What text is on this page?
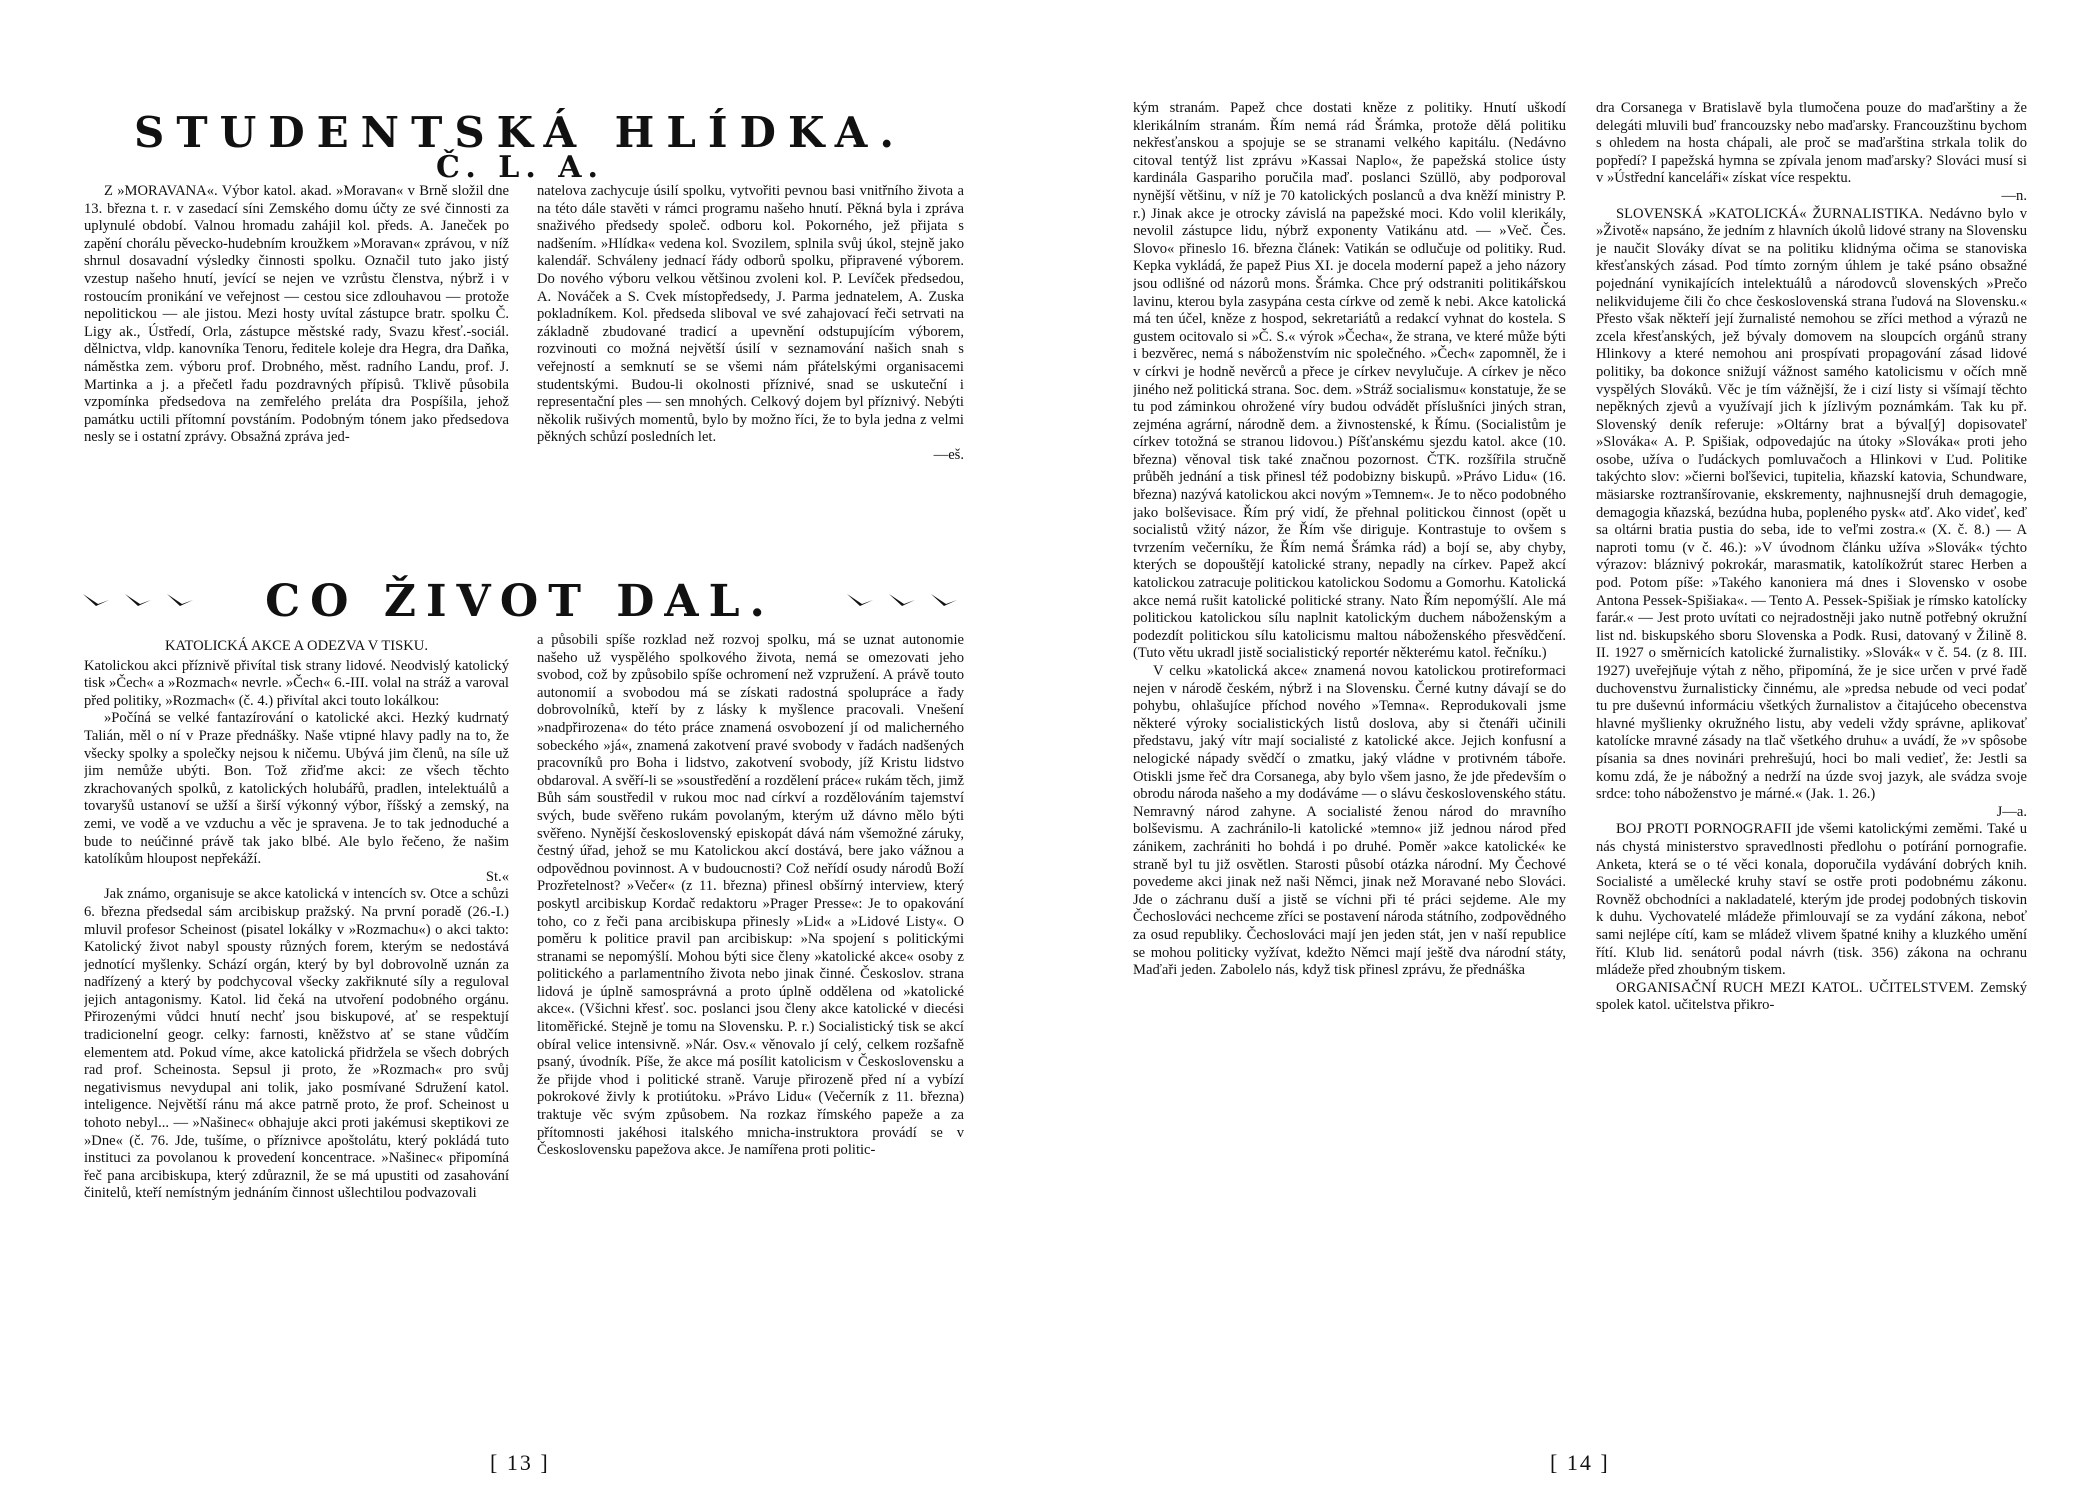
STUDENTSKÁ HLÍDKA.
Č. L. A.

Z »MORAVANA«. Výbor katol. akad. »Moravan« v Brně složil dne 13. března t. r. v zasedací síni Zemského domu účty ze své činnosti za uplynulé období. Valnou hromadu zahájil kol. předs. A. Janeček po zapění chorálu pěvecko-hudebním kroužkem »Moravan« zprávou, v níž shrnul dosavadní výsledky činnosti spolku. Označil tuto jako jistý vzestup našeho hnutí, jevící se nejen ve vzrůstu členstva, nýbrž i v rostoucím pronikání ve veřejnost — cestou sice zdlouhavou — protože nepolitickou — ale jistou. Mezi hosty uvítal zástupce bratr. spolku Č. Ligy ak., Ústředí, Orla, zástupce městské rady, Svazu křesť.-sociál. dělnictva, vldp. kanovníka Tenoru, ředitele koleje dra Hegra, dra Daňka, náměstka zem. výboru prof. Drobného, měst. radního Landu, prof. J. Martinka a j. a přečetl řadu pozdravných přípisů. Tklivě působila vzpomínka předsedova na zemřelého preláta dra Pospíšila, jehož památku uctili přítomní povstáním. Podobným tónem jako předsedova nesly se i ostatní zprávy. Obsažná zpráva jed-

natelova zachycuje úsilí spolku, vytvořiti pevnou basi vnitřního života a na této dále stavěti v rámci programu našeho hnutí. Pěkná byla i zpráva snaživého předsedy společ. odboru kol. Pokorného, jež přijata s nadšením. »Hlídka« vedena kol. Svozilem, splnila svůj úkol, stejně jako kalendář. Schváleny jednací řády odborů spolku, připravené výborem. Do nového výboru velkou většinou zvoleni kol. P. Levíček předsedou, A. Nováček a S. Cvek místopředsedy, J. Parma jednatelem, A. Zuska pokladníkem. Kol. předseda sliboval ve své zahajovací řeči setrvati na základně zbudované tradicí a upevnění odstupujícím výborem, rozvinouti co možná největší úsilí v seznamování našich snah s veřejností a semknutí se se všemi nám přátelskými organisacemi studentskými. Budou-li okolnosti příznivé, snad se uskuteční i representační ples — sen mnohých. Celkový dojem byl příznivý. Nebýti několik rušivých momentů, bylo by možno říci, že to byla jedna z velmi pěkných schůzí posledních let.

—eš.

CO ŽIVOT DAL.

KATOLICKÁ AKCE A ODEZVA V TISKU.

Katolickou akci příznivě přivítal tisk strany lidové. Neodvislý katolický tisk »Čech« a »Rozmach« nevrle. »Čech« 6.-III. volal na stráž a varoval před politiky, »Rozmach« (č. 4.) přivítal akci touto lokálkou:

»Počíná se velké fantazírování o katolické akci. Hezký kudrnatý Talián, měl o ní v Praze přednášky. Naše vtipné hlavy padly na to, že všecky spolky a společky nejsou k ničemu. Ubývá jim členů, na síle už jim nemůže ubýti. Bon. Tož zřiďme akci: ze všech těchto zkrachovaných spolků, z katolických holubářů, pradlen, intelektuálů a tovaryšů ustanoví se užší a širší výkonný výbor, říšský a zemský, na zemi, ve vodě a ve vzduchu a věc je spravena. Je to tak jednoduché a bude to neúčinné právě tak jako blbé. Ale bylo řečeno, že našim katolíkům hloupost nepřekáží.

St.«

Jak známo, organisuje se akce katolická v intencích sv. Otce a schůzi 6. března předsedal sám arcibiskup pražský. Na první poradě (26.-I.) mluvil profesor Scheinost (pisatel lokálky v »Rozmachu«) o akci takto: Katolický život nabyl spousty různých forem, kterým se nedostává jednotící myšlenky. Schází orgán, který by byl dobrovolně uznán za nadřízený a který by podchycoval všecky zakřiknuté síly a reguloval jejich antagonismy. Katol. lid čeká na utvoření podobného orgánu. Přirozenými vůdci hnutí nechť jsou biskupové, ať se respektují tradicionelní geogr. celky: farnosti, kněžstvo ať se stane vůdčím elementem atd. Pokud víme, akce katolická přidržela se všech dobrých rad prof. Scheinosta. Sepsul ji proto, že »Rozmach« pro svůj negativismus nevydupal ani tolik, jako posmívané Sdružení katol. inteligence. Největší ránu má akce patrně proto, že prof. Scheinost u tohoto nebyl... — »Našinec« obhajuje akci proti jakémusi skeptikovi ze »Dne« (č. 76. Jde, tušíme, o příznivce apoštolátu, který pokládá tuto instituci za povolanou k provedení koncentrace. »Našinec« připomíná řeč pana arcibiskupa, který zdůraznil, že se má upustiti od zasahování činitelů, kteří nemístným jednáním činnost ušlechtilou podvazovali

a působili spíše rozklad než rozvoj spolku, má se uznat autonomie našeho už vyspělého spolkového života, nemá se omezovati jeho svobod, což by způsobilo spíše ochromení než vzpružení. A právě touto autonomií a svobodou má se získati radostná spolupráce a řady dobrovolníků, kteří by z lásky k myšlence pracovali. Vnešení »nadpřirozena« do této práce znamená osvobození jí od malicherného sobeckého »já«, znamená zakotvení pravé svobody v řadách nadšených pracovníků pro Boha i lidstvo, zakotvení svobody, jíž Kristu lidstvo obdaroval. A svěří-li se »soustředění a rozdělení práce« rukám těch, jimž Bůh sám soustředil v rukou moc nad církví a rozdělováním tajemství svých, bude svěřeno rukám povolaným, kterým už dávno mělo býti svěřeno. Nynější československý episkopát dává nám všemožné záruky, čestný úřad, jehož se mu Katolickou akcí dostává, bere jako vážnou a odpovědnou povinnost. A v budoucnosti? Což neřídí osudy národů Boží Prozřetelnost? »Večer« (z 11. března) přinesl obšírný interview, který poskytl arcibiskup Kordač redaktoru »Prager Presse«: Je to opakování toho, co z řeči pana arcibiskupa přinesly »Lid« a »Lidové Listy«. O poměru k politice pravil pan arcibiskup: »Na spojení s politickými stranami se nepomýšlí. Mohou býti sice členy »katolické akce« osoby z politického a parlamentního života nebo jinak činné. Českoslov. strana lidová je úplně samosprávná a proto úplně oddělena od »katolické akce«. (Všichni křesť. soc. poslanci jsou členy akce katolické v diecési litoměřické. Stejně je tomu na Slovensku. P. r.) Socialistický tisk se akcí obíral velice intensivně. »Nár. Osv.« věnovalo jí celý, celkem rozšafně psaný, úvodník. Píše, že akce má posílit katolicism v Československu a že přijde vhod i politické straně. Varuje přirozeně před ní a vybízí pokrokové živly k protiútoku. »Právo Lidu« (Večerník z 11. března) traktuje věc svým způsobem. Na rozkaz římského papeže a za přítomnosti jakéhosi italského mnicha-instruktora provádí se v Československu papežova akce. Je namířena proti politic-

[ 13 ]

kým stranám. Papež chce dostati kněze z politiky. Hnutí uškodí klerikálním stranám. Řím nemá rád Šrámka, protože dělá politiku nekřesťanskou a spojuje se se stranami velkého kapitálu. (Nedávno citoval tentýž list zprávu »Kassai Naplo«, že papežská stolice ústy kardinála Gaspariho poručila maď. poslanci Szüllö, aby podporoval nynější většinu, v níž je 70 katolických poslanců a dva kněží ministry P. r.) Jinak akce je otrocky závislá na papežské moci. Kdo volil klerikály, nevolil zástupce lidu, nýbrž exponenty Vatikánu atd. — »Več. Čes. Slovo« přineslo 16. března článek: Vatikán se odlučuje od politiky. Rud. Kepka vykládá, že papež Pius XI. je docela moderní papež a jeho názory jsou odlišné od názorů mons. Šrámka. Chce prý odstraniti politikářskou lavinu, kterou byla zasypána cesta církve od země k nebi. Akce katolická má ten účel, kněze z hospod, sekretariátů a redakcí vyhnat do kostela. S gustem ocitovalo si »Č. S.« výrok »Čecha«, že strana, ve které může býti i bezvěrec, nemá s náboženstvím nic společného. »Čech« zapomněl, že i v církvi je hodně nevěrců a přece je církev nevylučuje. A církev je něco jiného než politická strana. Soc. dem. »Stráž socialismu« konstatuje, že se tu pod záminkou ohrožené víry budou odvádět příslušníci jiných stran, zejména agrární, národně dem. a živnostenské, k Římu. (Socialistům je církev totožná se stranou lidovou.) Píšťanskému sjezdu katol. akce (10. března) věnoval tisk také značnou pozornost. ČTK. rozšířila stručně průběh jednání a tisk přinesl též podobizny biskupů. »Právo Lidu« (16. března) nazývá katolickou akci novým »Temnem«. Je to něco podobného jako bolševisace. Řím prý vidí, že přehnal politickou činnost (opět u socialistů vžitý názor, že Řím vše diriguje. Kontrastuje to ovšem s tvrzením večerníku, že Řím nemá Šrámka rád) a bojí se, aby chyby, kterých se dopouštějí katolické strany, nepadly na církev. Papež akcí katolickou zatracuje politickou katolickou Sodomu a Gomorhu. Katolická akce nemá rušit katolické politické strany. Nato Řím nepomýšlí. Ale má politickou katolickou sílu naplnit katolickým duchem náboženským a podezdít politickou sílu katolicismu maltou náboženského přesvědčení. (Tuto větu ukradl jistě socialistický reportér některému katol. řečníku.)

V celku »katolická akce« znamená novou katolickou protireformaci nejen v národě českém, nýbrž i na Slovensku. Černé kutny dávají se do pohybu, ohlašujíce příchod nového »Temna«. Reprodukovali jsme některé výroky socialistických listů doslova, aby si čtenáři učinili představu, jaký vítr mají socialisté z katolické akce. Jejich konfusní a nelogické nápady svědčí o zmatku, jaký vládne v protivném táboře. Otiskli jsme řeč dra Corsanega, aby bylo všem jasno, že jde především o obrodu národa našeho a my dodáváme — o slávu československého státu. Nemravný národ zahyne. A socialisté ženou národ do mravního bolševismu. A zachránilo-li katolické »temno« již jednou národ před zánikem, zachrániti ho bohdá i po druhé. Poměr »akce katolické« ke straně byl tu již osvětlen. Starosti působí otázka národní. My Čechové povedeme akci jinak než naši Němci, jinak než Moravané nebo Slováci. Jde o záchranu duší a jistě se víchni při té práci sejdeme. Ale my Čechoslováci nechceme zříci se postavení národa státního, zodpovědného za osud republiky. Čechoslováci mají jen jeden stát, jen v naší republice se mohou politicky vyžívat, kdežto Němci mají ještě dva národní státy, Maďaři jeden. Zabolelo nás, když tisk přinesl zprávu, že přednáška

dra Corsanega v Bratislavě byla tlumočena pouze do maďarštiny a že delegáti mluvili buď francouzsky nebo maďarsky. Francouzštinu bychom s ohledem na hosta chápali, ale proč se maďarština strkala tolik do popředí? I papežská hymna se zpívala jenom maďarsky? Slováci musí si v »Ústřední kanceláři« získat více respektu.

—n.

SLOVENSKÁ »KATOLICKÁ« ŽURNALISTIKA. Nedávno bylo v »Životě« napsáno, že jedním z hlavních úkolů lidové strany na Slovensku je naučit Slováky dívat se na politiku klidnýma očima se stanoviska křesťanských zásad. Pod tímto zorným úhlem je také psáno obsažné pojednání vynikajících intelektuálů a národovců slovenských »Prečo nelikvidujeme čili čo chce československá strana ľudová na Slovensku.« Přesto však někteří její žurnalisté nemohou se zříci method a výrazů ne zcela křesťanských, jež bývaly domovem na sloupcích orgánů strany Hlinkovy a které nemohou ani prospívati propagování zásad lidové politiky, ba dokonce snižují vážnost samého katolicismu v očích mně vyspělých Slováků. Věc je tím vážnější, že i cizí listy si všímají těchto nepěkných zjevů a využívají jich k jízlivým poznámkám. Tak ku př. Slovenský deník referuje: »Oltárny brat a býval[ý] dopisovateľ »Slováka« A. P. Spišiak, odpovedajúc na útoky »Slováka« proti jeho osobe, užíva o ľudáckych pomluvačoch a Hlinkovi v Ľud. Politike takýchto slov: »čierni boľševici, tupitelia, kňazskí katovia, Schundware, mäsiarske roztranšírovanie, ekskrementy, najhnusnejší druh demagogie, demagogia kňazská, bezúdna huba, popleného pysk« atď. Ako videť, keď sa oltárni bratia pustia do seba, ide to veľmi zostra.« (X. č. 8.) — A naproti tomu (v č. 46.): »V úvodnom článku užíva »Slovák« týchto výrazov: bláznivý pokrokár, marasmatik, katolíkožrút starec Herben a pod. Potom píše: »Takého kanoniera má dnes i Slovensko v osobe Antona Pessek-Spišiaka«. — Tento A. Pessek-Spišiak je rímsko katolícky farár.« — Jest proto uvítati co nejradostněji jako nutně potřebný okružní list nd. biskupského sboru Slovenska a Podk. Rusi, datovaný v Žilině 8. II. 1927 o směrnicích katolické žurnalistiky. »Slovák« v č. 54. (z 8. III. 1927) uveřejňuje výtah z něho, připomíná, že je sice určen v prvé řadě duchovenstvu žurnalisticky činnému, ale »predsa nebude od veci podať tu pre duševnú informáciu všetkých žurnalistov a čitajúceho obecenstva hlavné myšlienky okružného listu, aby vedeli vždy správne, aplikovať katolícke mravné zásady na tlač všetkého druhu« a uvádí, že »v spôsobe písania sa dnes novinári prehrešujú, hoci bo mali vedieť, že: Jestli sa komu zdá, že je nábožný a nedrží na úzde svoj jazyk, ale svádza svoje srdce: toho náboženstvo je márné.« (Jak. 1. 26.)

J—a.

BOJ PROTI PORNOGRAFII jde všemi katolickými zeměmi. Také u nás chystá ministerstvo spravedlnosti předlohu o potírání pornografie. Anketa, která se o té věci konala, doporučila vydávání dobrých knih. Socialisté a umělecké kruhy staví se ostře proti podobnému zákonu. Rovněž obchodníci a nakladatelé, kterým jde prodej podobných tiskovin k duhu. Vychovatelé mládeže přimlouvají se za vydání zákona, neboť sami nejlépe cítí, kam se mládež vlivem špatné knihy a kluzkého umění řítí. Klub lid. senátorů podal návrh (tisk. 356) zákona na ochranu mládeže před zhoubným tiskem.

ORGANISAČNÍ RUCH MEZI KATOL. UČITELSTVEM. Zemský spolek katol. učitelstva přikro-

[ 14 ]
